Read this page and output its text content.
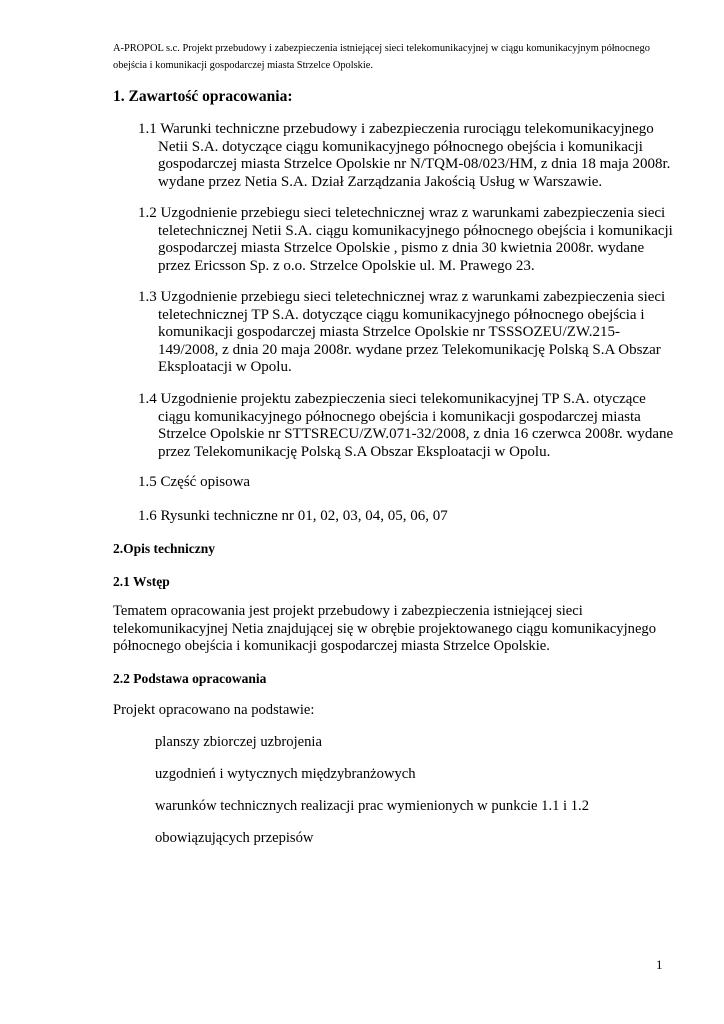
A-PROPOL s.c. Projekt przebudowy i zabezpieczenia istniejącej sieci telekomunikacyjnej w ciągu komunikacyjnym północnego obejścia i komunikacji gospodarczej miasta Strzelce Opolskie.
1. Zawartość opracowania:
1.1 Warunki techniczne przebudowy i zabezpieczenia rurociągu telekomunikacyjnego Netii S.A. dotyczące ciągu komunikacyjnego północnego obejścia i komunikacji gospodarczej miasta Strzelce Opolskie nr N/TQM-08/023/HM, z dnia 18 maja 2008r. wydane przez Netia S.A. Dział Zarządzania Jakością Usług w Warszawie.
1.2 Uzgodnienie przebiegu sieci teletechnicznej wraz z warunkami zabezpieczenia sieci teletechnicznej Netii S.A. ciągu komunikacyjnego północnego obejścia i komunikacji gospodarczej miasta Strzelce Opolskie , pismo z dnia 30 kwietnia 2008r. wydane przez Ericsson Sp. z o.o. Strzelce Opolskie ul. M. Prawego 23.
1.3 Uzgodnienie przebiegu sieci teletechnicznej wraz z warunkami zabezpieczenia sieci teletechnicznej TP S.A. dotyczące ciągu komunikacyjnego północnego obejścia i komunikacji gospodarczej miasta Strzelce Opolskie nr TSSSOZEU/ZW.215-149/2008, z dnia 20 maja 2008r. wydane przez Telekomunikację Polską S.A Obszar Eksploatacji w Opolu.
1.4 Uzgodnienie projektu zabezpieczenia sieci telekomunikacyjnej TP S.A. otyczące ciągu komunikacyjnego północnego obejścia i komunikacji gospodarczej miasta Strzelce Opolskie nr STTSRECU/ZW.071-32/2008, z dnia 16 czerwca 2008r. wydane przez Telekomunikację Polską S.A Obszar Eksploatacji w Opolu.
1.5 Część opisowa
1.6 Rysunki techniczne nr 01, 02, 03, 04, 05, 06, 07
2.Opis techniczny
2.1 Wstęp
Tematem opracowania jest projekt przebudowy i zabezpieczenia istniejącej sieci telekomunikacyjnej Netia znajdującej się w obrębie projektowanego ciągu komunikacyjnego północnego obejścia i komunikacji gospodarczej miasta Strzelce Opolskie.
2.2 Podstawa opracowania
Projekt opracowano na podstawie:
planszy zbiorczej uzbrojenia
uzgodnień i wytycznych międzybranżowych
warunków technicznych realizacji prac wymienionych w punkcie 1.1 i 1.2
obowiązujących przepisów
1
